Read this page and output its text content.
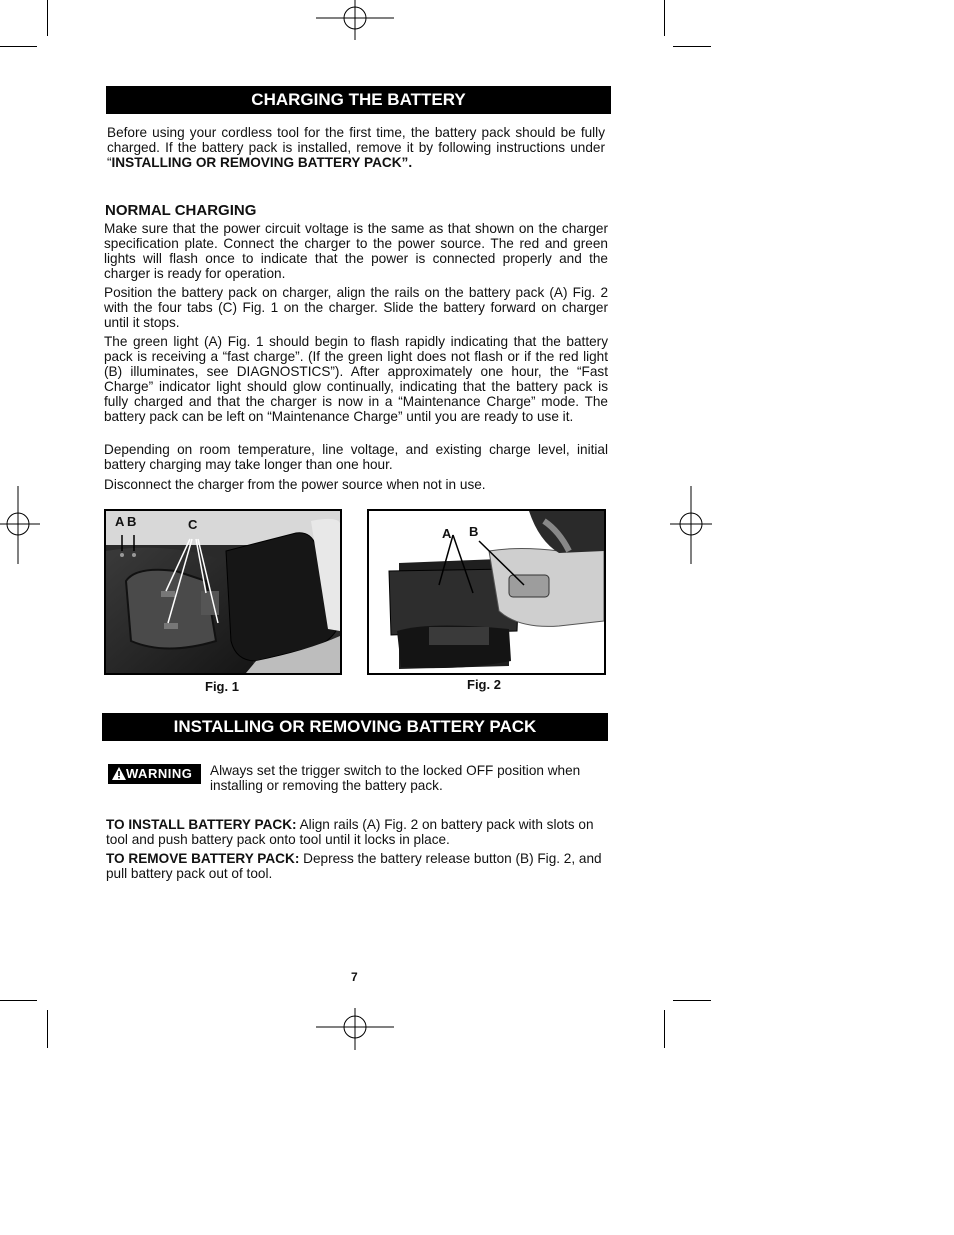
CHARGING THE BATTERY

Before using your cordless tool for the first time, the battery pack should be fully charged. If the battery pack is installed, remove it by following instructions under “INSTALLING OR REMOVING BATTERY PACK”.

NORMAL CHARGING

Make sure that the power circuit voltage is the same as that shown on the charger specification plate. Connect the charger to the power source. The red and green lights will flash once to indicate that the power is connected properly and the charger is ready for operation.

Position the battery pack on charger, align the rails on the battery pack (A) Fig. 2 with the four tabs (C) Fig. 1 on the charger. Slide the battery forward on charger until it stops.

The green light (A) Fig. 1 should begin to flash rapidly indicating that the battery pack is receiving a “fast charge”. (If the green light does not flash or if the red light (B) illuminates, see DIAGNOSTICS”). After approximately one hour, the “Fast Charge” indicator light should glow continually, indicating that the battery pack is fully charged and that the charger is now in a “Maintenance Charge” mode. The battery pack can be left on “Maintenance Charge” until you are ready to use it.

Depending on room temperature, line voltage, and existing charge level, initial battery charging may take longer than one hour.

Disconnect the charger from the power source when not in use.

A B	C
Fig. 1
A B
Fig. 2
INSTALLING OR REMOVING BATTERY PACK
WARNING	Always set the trigger switch to the locked OFF position when installing or removing the battery pack.

TO INSTALL BATTERY PACK: Align rails (A) Fig. 2 on battery pack with slots on tool and push battery pack onto tool until it locks in place.

TO REMOVE BATTERY PACK: Depress the battery release button (B) Fig. 2, and pull battery pack out of tool.

7
